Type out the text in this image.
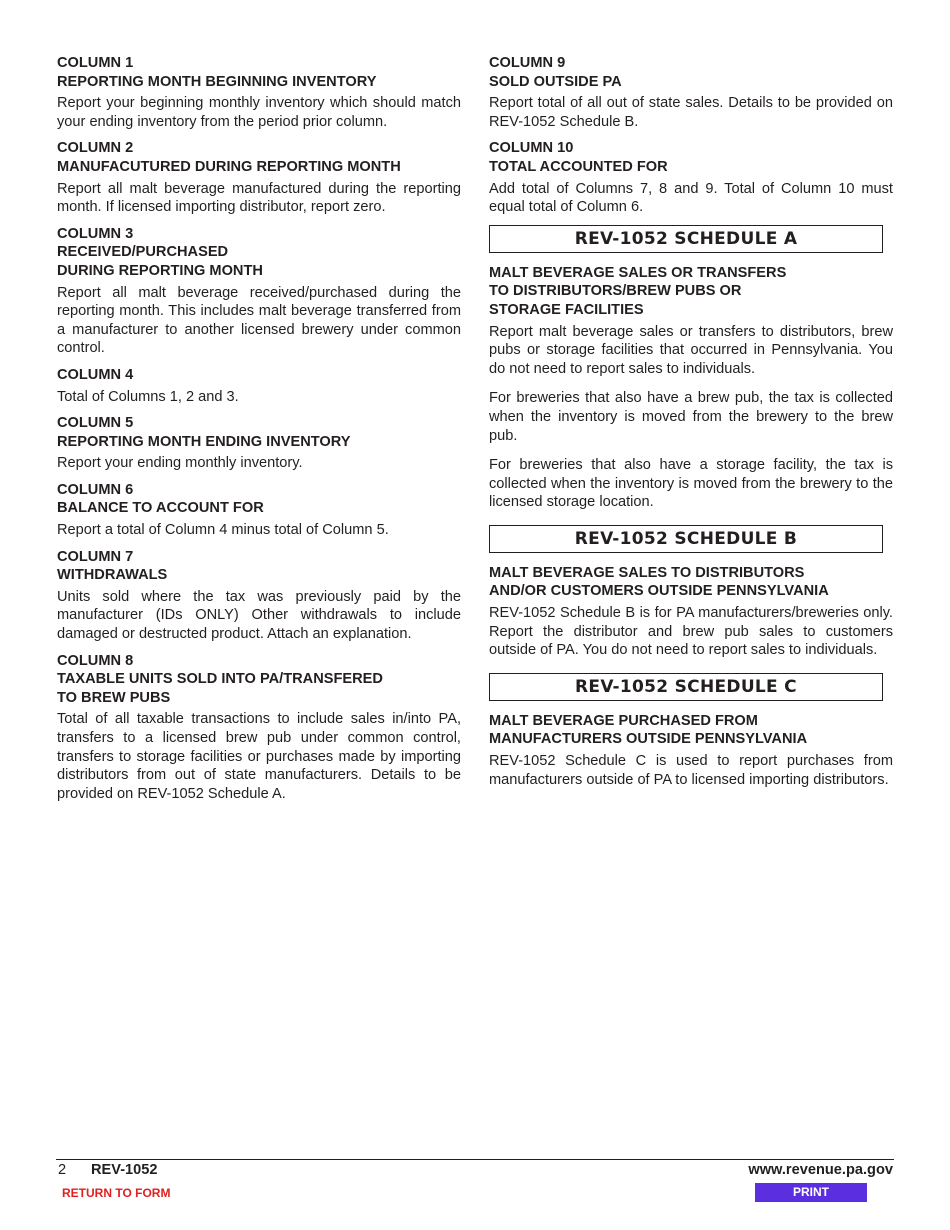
COLUMN 1
REPORTING MONTH BEGINNING INVENTORY
Report your beginning monthly inventory which should match your ending inventory from the period prior column.
COLUMN 2
MANUFACUTURED DURING REPORTING MONTH
Report all malt beverage manufactured during the reporting month. If licensed importing distributor, report zero.
COLUMN 3
RECEIVED/PURCHASED
DURING REPORTING MONTH
Report all malt beverage received/purchased during the reporting month. This includes malt beverage transferred from a manufacturer to another licensed brewery under common control.
COLUMN 4
Total of Columns 1, 2 and 3.
COLUMN 5
REPORTING MONTH ENDING INVENTORY
Report your ending monthly inventory.
COLUMN 6
BALANCE TO ACCOUNT FOR
Report a total of Column 4 minus total of Column 5.
COLUMN 7
WITHDRAWALS
Units sold where the tax was previously paid by the manufacturer (IDs ONLY) Other withdrawals to include damaged or destructed product. Attach an explanation.
COLUMN 8
TAXABLE UNITS SOLD INTO PA/TRANSFERED
TO BREW PUBS
Total of all taxable transactions to include sales in/into PA, transfers to a licensed brew pub under common control, transfers to storage facilities or purchases made by importing distributors from out of state manufacturers. Details to be provided on REV-1052 Schedule A.
COLUMN 9
SOLD OUTSIDE PA
Report total of all out of state sales. Details to be provided on REV-1052 Schedule B.
COLUMN 10
TOTAL ACCOUNTED FOR
Add total of Columns 7, 8 and 9. Total of Column 10 must equal total of Column 6.
REV-1052 SCHEDULE A
MALT BEVERAGE SALES OR TRANSFERS
TO DISTRIBUTORS/BREW PUBS OR
STORAGE FACILITIES
Report malt beverage sales or transfers to distributors, brew pubs or storage facilities that occurred in Pennsylvania. You do not need to report sales to individuals.
For breweries that also have a brew pub, the tax is collected when the inventory is moved from the brewery to the brew pub.
For breweries that also have a storage facility, the tax is collected when the inventory is moved from the brewery to the licensed storage location.
REV-1052 SCHEDULE B
MALT BEVERAGE SALES TO DISTRIBUTORS
AND/OR CUSTOMERS OUTSIDE PENNSYLVANIA
REV-1052 Schedule B is for PA manufacturers/breweries only. Report the distributor and brew pub sales to customers outside of PA. You do not need to report sales to individuals.
REV-1052 SCHEDULE C
MALT BEVERAGE PURCHASED FROM
MANUFACTURERS OUTSIDE PENNSYLVANIA
REV-1052 Schedule C is used to report purchases from manufacturers outside of PA to licensed importing distributors.
2 REV-1052	www.revenue.pa.gov
RETURN TO FORM	PRINT
